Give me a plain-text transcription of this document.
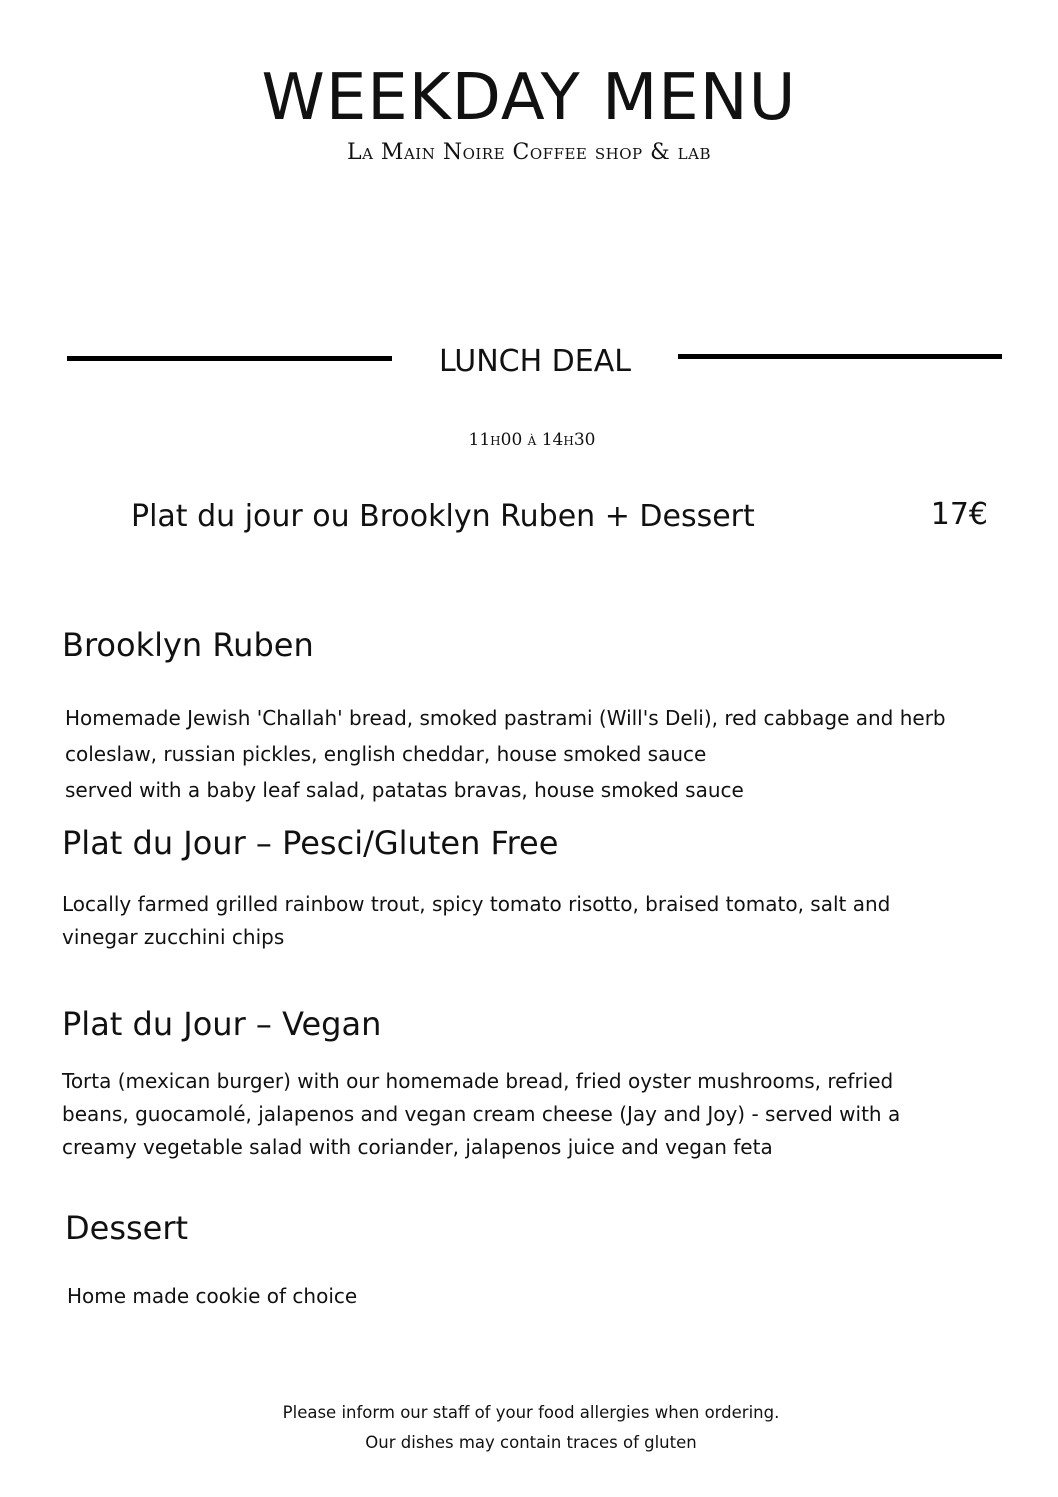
WEEKDAY MENU
La Main Noire Coffee shop & lab
LUNCH DEAL
11h00 à 14h30
Plat du jour ou Brooklyn Ruben + Dessert	17€
Brooklyn Ruben
Homemade Jewish 'Challah' bread, smoked pastrami (Will's Deli), red cabbage and herb
coleslaw, russian pickles, english cheddar, house smoked sauce
served with a baby leaf salad, patatas bravas, house smoked sauce
Plat du Jour – Pesci/Gluten Free
Locally farmed grilled rainbow trout, spicy tomato risotto, braised tomato, salt and
vinegar zucchini chips
Plat du Jour – Vegan
Torta (mexican burger) with our homemade bread, fried oyster mushrooms, refried
beans, guocamolé, jalapenos and vegan cream cheese (Jay and Joy) - served with a
creamy vegetable salad with coriander, jalapenos juice and vegan feta
Dessert
Home made cookie of choice
Please inform our staff of your food allergies when ordering.
Our dishes may contain traces of gluten
